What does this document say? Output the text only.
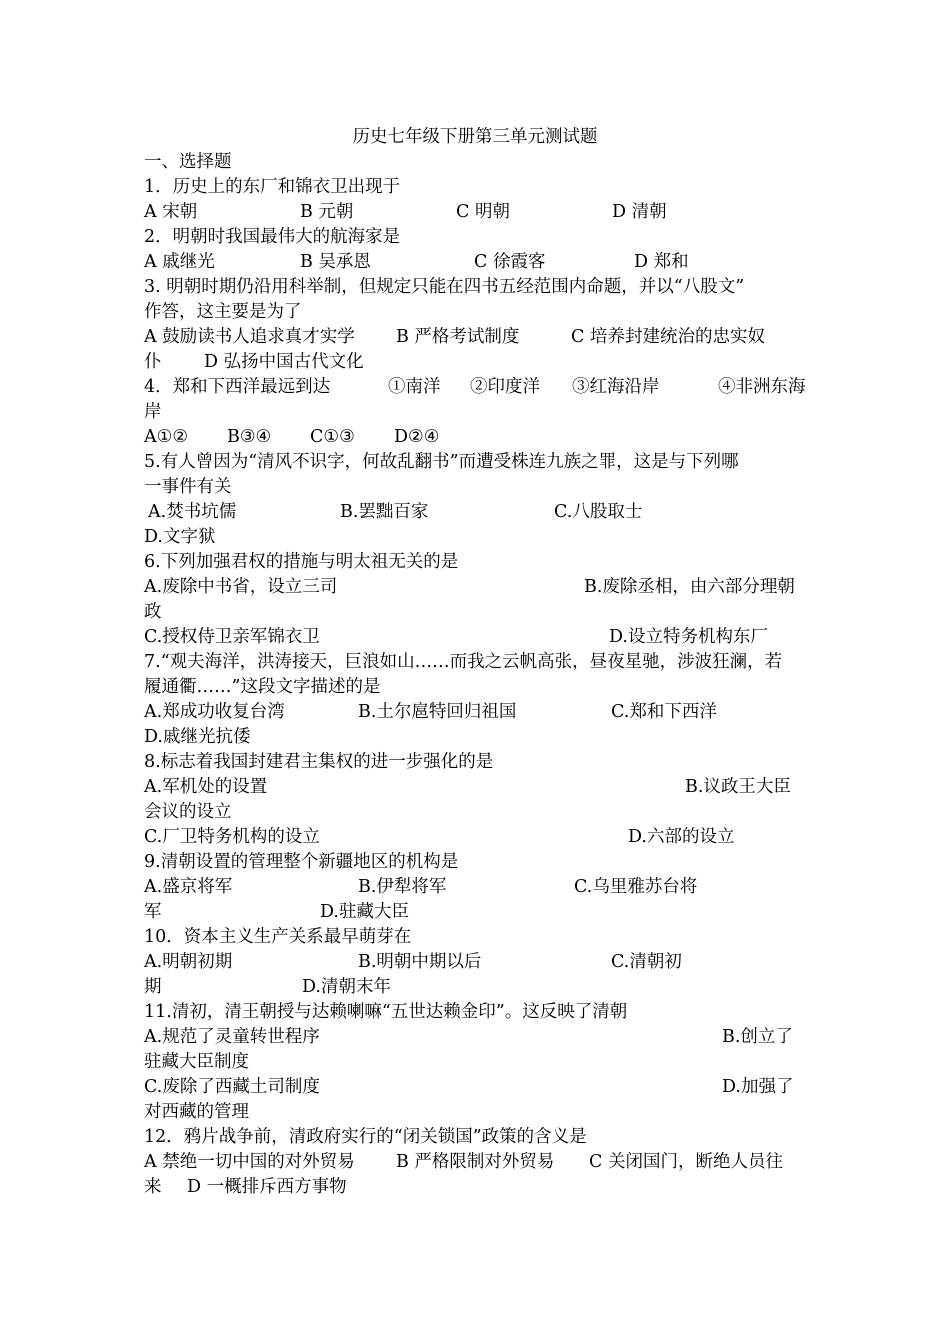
历史七年级下册第三单元测试题
一、选择题
1．历史上的东厂和锦衣卫出现于
A 宋朝	B 元朝	C 明朝	D 清朝
2．明朝时我国最伟大的航海家是
A 戚继光	B 吴承恩	C 徐霞客	D 郑和
3. 明朝时期仍沿用科举制，但规定只能在四书五经范围内命题，并以“八股文”
作答，这主要是为了
A 鼓励读书人追求真才实学 B 严格考试制度	C 培养封建统治的忠实奴
仆 D 弘扬中国古代文化
4．郑和下西洋最远到达	①南洋 ②印度洋 ③红海沿岸	④非洲东海
岸
A①② B③④ C①③ D②④
5.有人曾因为“清风不识字，何故乱翻书”而遭受株连九族之罪，这是与下列哪
一事件有关
A.焚书坑儒	B.罢黜百家	C.八股取士
D.文字狱
6.下列加强君权的措施与明太祖无关的是
A.废除中书省，设立三司	B.废除丞相，由六部分理朝
政
C.授权侍卫亲军锦衣卫	D.设立特务机构东厂
7.“观夫海洋，洪涛接天，巨浪如山……而我之云帆高张，昼夜星驰，涉波狂澜，若
履通衢……”这段文字描述的是
A.郑成功收复台湾	B.土尔扈特回归祖国	C.郑和下西洋
D.戚继光抗倭
8.标志着我国封建君主集权的进一步强化的是
A.军机处的设置	B.议政王大臣
会议的设立
C.厂卫特务机构的设立	D.六部的设立
9.清朝设置的管理整个新疆地区的机构是
A.盛京将军	B.伊犁将军	C.乌里雅苏台将
军	D.驻藏大臣
10．资本主义生产关系最早萌芽在
A.明朝初期	B.明朝中期以后	C.清朝初
期	D.清朝末年
11.清初，清王朝授与达赖喇嘛“五世达赖金印”。这反映了清朝
A.规范了灵童转世程序	B.创立了
驻藏大臣制度
C.废除了西藏土司制度	D.加强了
对西藏的管理
12．鸦片战争前，清政府实行的“闭关锁国”政策的含义是
A 禁绝一切中国的对外贸易 B 严格限制对外贸易 C 关闭国门，断绝人员往
来 D 一概排斥西方事物
